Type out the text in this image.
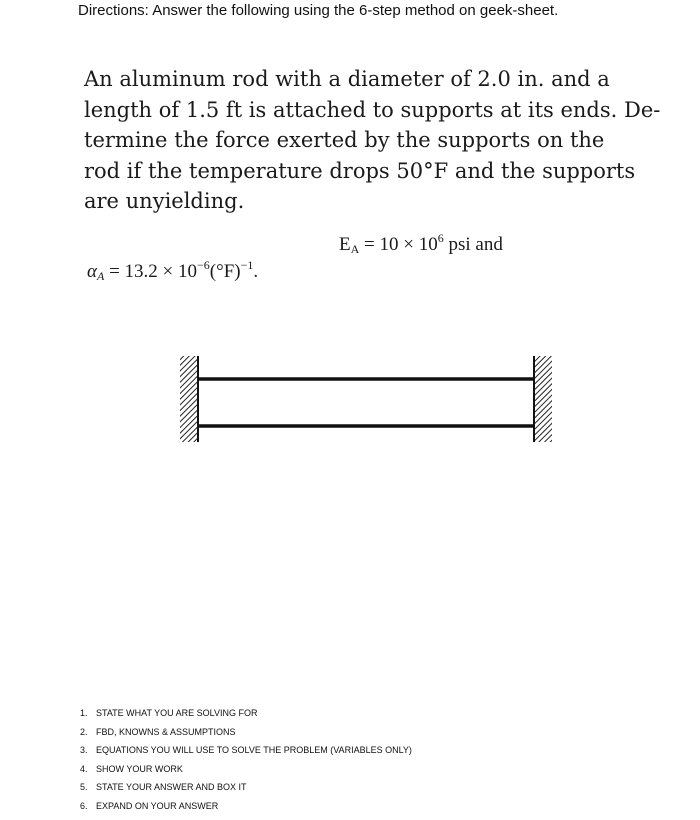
Directions: Answer the following using the 6-step method on geek-sheet.
An aluminum rod with a diameter of 2.0 in. and a
length of 1.5 ft is attached to supports at its ends. De-
termine the force exerted by the supports on the
rod if the temperature drops 50°F and the supports
are unyielding.
$E_A = 10 \times 10^6$ psi and
$\alpha_A = 13.2 \times 10^{-6}(^\circ F)^{-1}$.
1. STATE WHAT YOU ARE SOLVING FOR
2. FBD, KNOWNS & ASSUMPTIONS
3. EQUATIONS YOU WILL USE TO SOLVE THE PROBLEM (VARIABLES ONLY)
4. SHOW YOUR WORK
5. STATE YOUR ANSWER AND BOX IT
6. EXPAND ON YOUR ANSWER
